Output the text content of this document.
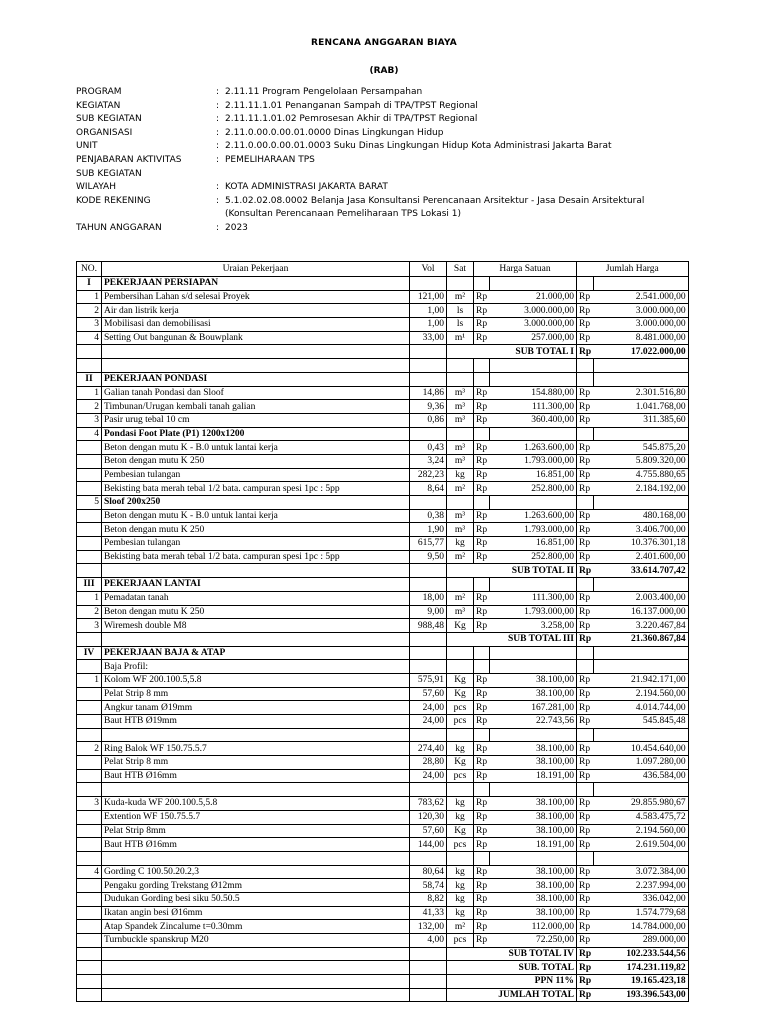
RENCANA ANGGARAN BIAYA
(RAB)
PROGRAM	: 2.11.11 Program Pengelolaan Persampahan
KEGIATAN	: 2.11.11.1.01 Penanganan Sampah di TPA/TPST Regional
SUB KEGIATAN	: 2.11.11.1.01.02 Pemrosesan Akhir di TPA/TPST Regional
ORGANISASI	: 2.11.0.00.0.00.01.0000 Dinas Lingkungan Hidup
UNIT	: 2.11.0.00.0.00.01.0003 Suku Dinas Lingkungan Hidup Kota Administrasi Jakarta Barat
PENJABARAN AKTIVITAS	: PEMELIHARAAN TPS
SUB KEGIATAN
WILAYAH	: KOTA ADMINISTRASI JAKARTA BARAT
KODE REKENING	: 5.1.02.02.08.0002 Belanja Jasa Konsultansi Perencanaan Arsitektur - Jasa Desain Arsitektural
(Konsultan Perencanaan Pemeliharaan TPS Lokasi 1)
TAHUN ANGGARAN	: 2023
NO.	Uraian Pekerjaan	Vol	Sat	Harga Satuan		Jumlah Harga	
I	PEKERJAAN PERSIAPAN						
1	Pembersihan Lahan s/d selesai Proyek	121,00	m²	Rp	21.000,00	Rp	2.541.000,00
2	Air dan listrik kerja	1,00	ls	Rp	3.000.000,00	Rp	3.000.000,00
3	Mobilisasi dan demobilisasi	1,00	ls	Rp	3.000.000,00	Rp	3.000.000,00
4	Setting Out bangunan & Bouwplank	33,00	m¹	Rp	257.000,00	Rp	8.481.000,00
			SUB TOTAL I			Rp	17.022.000,00

II	PEKERJAAN PONDASI						
1	Galian tanah Pondasi dan Sloof	14,86	m³	Rp	154.880,00	Rp	2.301.516,80
2	Timbunan/Urugan kembali tanah galian	9,36	m³	Rp	111.300,00	Rp	1.041.768,00
3	Pasir urug tebal 10 cm	0,86	m³	Rp	360.400,00	Rp	311.385,60
4	Pondasi Foot Plate (P1) 1200x1200						
	Beton dengan mutu K - B.0 untuk lantai kerja	0,43	m³	Rp	1.263.600,00	Rp	545.875,20
	Beton dengan mutu K 250	3,24	m³	Rp	1.793.000,00	Rp	5.809.320,00
	Pembesian tulangan	282,23	kg	Rp	16.851,00	Rp	4.755.880,65
	Bekisting bata merah tebal 1/2 bata. campuran spesi 1pc : 5pp	8,64	m²	Rp	252.800,00	Rp	2.184.192,00
5	Sloof 200x250						
	Beton dengan mutu K - B.0 untuk lantai kerja	0,38	m³	Rp	1.263.600,00	Rp	480.168,00
	Beton dengan mutu K 250	1,90	m³	Rp	1.793.000,00	Rp	3.406.700,00
	Pembesian tulangan	615,77	kg	Rp	16.851,00	Rp	10.376.301,18
	Bekisting bata merah tebal 1/2 bata. campuran spesi 1pc : 5pp	9,50	m²	Rp	252.800,00	Rp	2.401.600,00
			SUB TOTAL II			Rp	33.614.707,42
III	PEKERJAAN LANTAI						
1	Pemadatan tanah	18,00	m²	Rp	111.300,00	Rp	2.003.400,00
2	Beton dengan mutu K 250	9,00	m³	Rp	1.793.000,00	Rp	16.137.000,00
3	Wiremesh double M8	988,48	Kg	Rp	3.258,00	Rp	3.220.467,84
			SUB TOTAL III			Rp	21.360.867,84
IV	PEKERJAAN BAJA & ATAP						
	Baja Profil:						
1	Kolom WF 200.100.5,5.8	575,91	Kg	Rp	38.100,00	Rp	21.942.171,00
	Pelat Strip 8 mm	57,60	Kg	Rp	38.100,00	Rp	2.194.560,00
	Angkur tanam Ø19mm	24,00	pcs	Rp	167.281,00	Rp	4.014.744,00
	Baut HTB Ø19mm	24,00	pcs	Rp	22.743,56	Rp	545.845,48

2	Ring Balok WF 150.75.5.7	274,40	kg	Rp	38.100,00	Rp	10.454.640,00
	Pelat Strip 8 mm	28,80	Kg	Rp	38.100,00	Rp	1.097.280,00
	Baut HTB Ø16mm	24,00	pcs	Rp	18.191,00	Rp	436.584,00

3	Kuda-kuda WF 200.100.5,5.8	783,62	kg	Rp	38.100,00	Rp	29.855.980,67
	Extention WF 150.75.5.7	120,30	kg	Rp	38.100,00	Rp	4.583.475,72
	Pelat Strip 8mm	57,60	Kg	Rp	38.100,00	Rp	2.194.560,00
	Baut HTB Ø16mm	144,00	pcs	Rp	18.191,00	Rp	2.619.504,00

4	Gording C 100.50.20.2,3	80,64	kg	Rp	38.100,00	Rp	3.072.384,00
	Pengaku gording Trekstang Ø12mm	58,74	kg	Rp	38.100,00	Rp	2.237.994,00
	Dudukan Gording besi siku 50.50.5	8,82	kg	Rp	38.100,00	Rp	336.042,00
	Ikatan angin besi Ø16mm	41,33	kg	Rp	38.100,00	Rp	1.574.779,68
	Atap Spandek Zincalume t=0.30mm	132,00	m²	Rp	112.000,00	Rp	14.784.000,00
	Turnbuckle spanskrup M20	4,00	pcs	Rp	72.250,00	Rp	289.000,00
			SUB TOTAL IV			Rp	102.233.544,56
			SUB. TOTAL			Rp	174.231.119,82
			PPN 11%			Rp	19.165.423,18
			JUMLAH TOTAL			Rp	193.396.543,00
